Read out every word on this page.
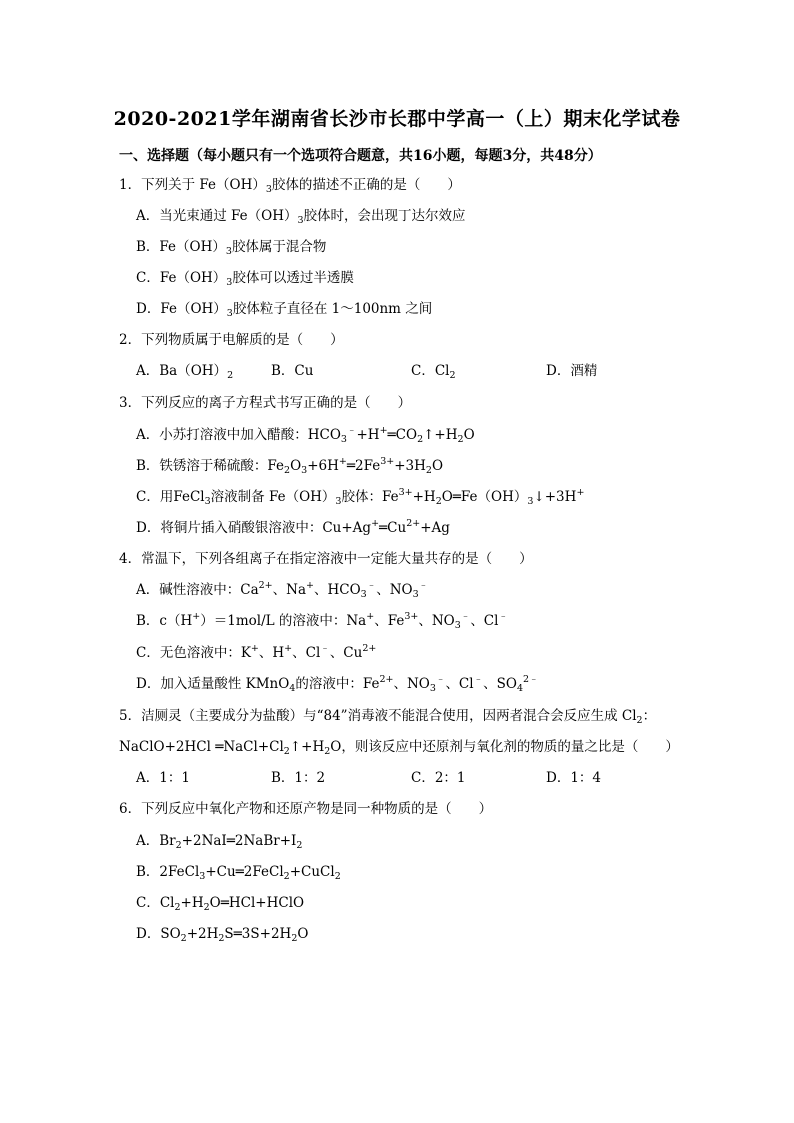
2020-2021学年湖南省长沙市长郡中学高一（上）期末化学试卷
一、选择题（每小题只有一个选项符合题意，共16小题，每题3分，共48分）
1．下列关于 $Fe(OH)_3$胶体的描述不正确的是（　　）
A．当光束通过 $Fe(OH)_3$胶体时，会出现丁达尔效应
B．$Fe(OH)_3$胶体属于混合物
C．$Fe(OH)_3$胶体可以透过半透膜
D．$Fe(OH)_3$胶体粒子直径在 1～100nm 之间
2．下列物质属于电解质的是（　　）
A．$Ba(OH)_2$	B．Cu	C．$Cl_2$	D．酒精
3．下列反应的离子方程式书写正确的是（　　）
A．小苏打溶液中加入醋酸：$HCO_3^﹣+H^+═CO_2↑+H_2O$
B．铁锈溶于稀硫酸：$Fe_2O_3+6H^+═2Fe^{3+}+3H_2O$
C．用FeCl$_3$溶液制备 $Fe(OH)_3$胶体：$Fe^{3+}+H_2O═Fe(OH)_3↓+3H^+$
D．将铜片插入硝酸银溶液中：$Cu+Ag^+═Cu^{2+}+Ag$
4．常温下，下列各组离子在指定溶液中一定能大量共存的是（　　）
A．碱性溶液中：$Ca^{2+}$、Na+、$HCO_3^﹣$、$NO_3^﹣$
B．c（H+）＝1mol/L 的溶液中：Na+、$Fe^{3+}$、$NO_3^﹣$、Cl﹣
C．无色溶液中：K+、H+、Cl﹣、$Cu^{2+}$
D．加入适量酸性 KMnO$_4$的溶液中：$Fe^{2+}$、$NO_3^﹣$、Cl﹣、$SO_4^{2﹣}$
5．洁厕灵（主要成分为盐酸）与“84”消毒液不能混合使用，因两者混合会反应生成 $Cl_2$：
NaClO+2HCl $═NaCl+Cl_2↑+H_2O$，则该反应中还原剂与氧化剂的物质的量之比是（　　）
A．1：1	B．1：2	C．2：1	D．1：4
6．下列反应中氧化产物和还原产物是同一种物质的是（　　）
A．$Br_2+2NaI═2NaBr+I_2$
B．2FeCl$_3$+Cu═2FeCl$_2$+CuCl$_2$
C．$Cl_2+H_2O═HCl+HClO$
D．$SO_2+2H_2S═3S+2H_2O$
